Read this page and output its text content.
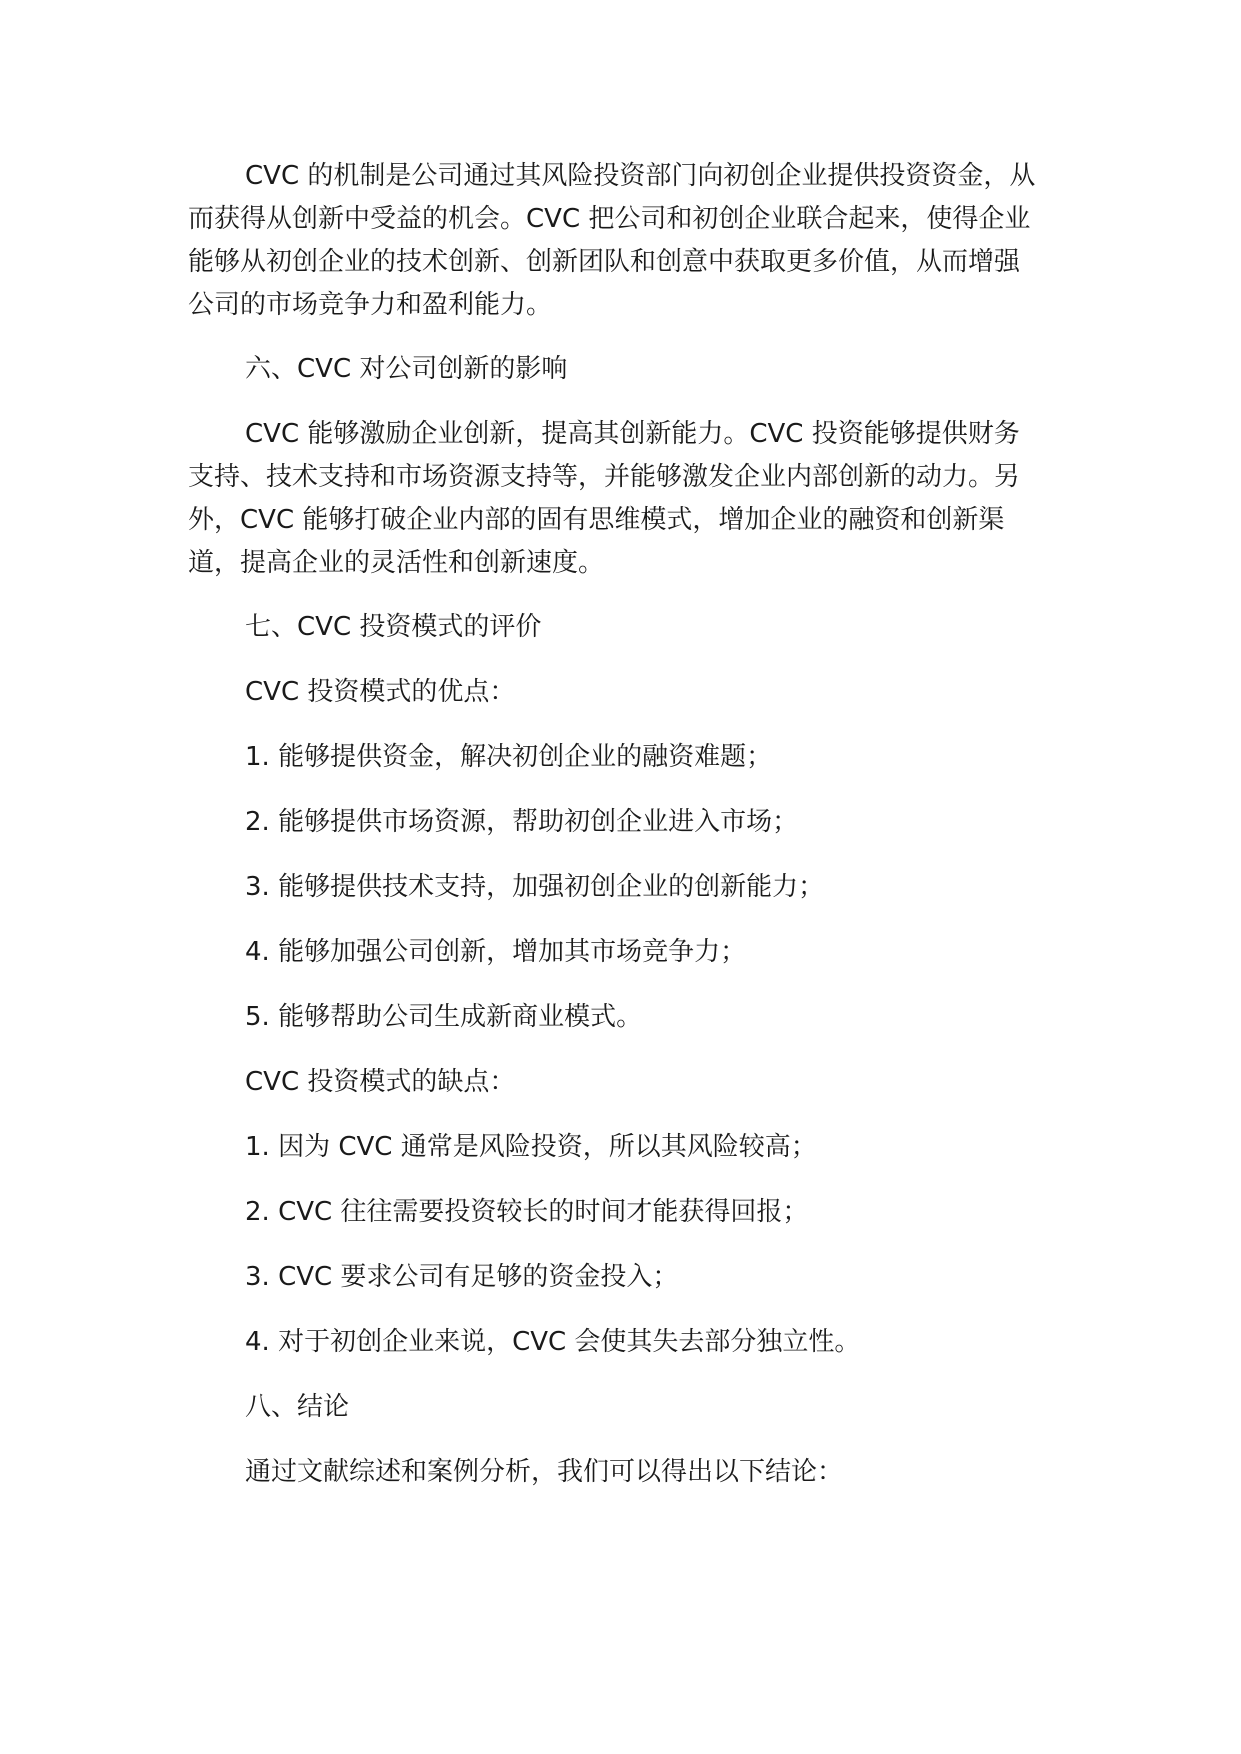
CVC 的机制是公司通过其风险投资部门向初创企业提供投资资金，从而获得从创新中受益的机会。CVC 把公司和初创企业联合起来，使得企业能够从初创企业的技术创新、创新团队和创意中获取更多价值，从而增强公司的市场竞争力和盈利能力。

六、CVC 对公司创新的影响

CVC 能够激励企业创新，提高其创新能力。CVC 投资能够提供财务支持、技术支持和市场资源支持等，并能够激发企业内部创新的动力。另外，CVC 能够打破企业内部的固有思维模式，增加企业的融资和创新渠道，提高企业的灵活性和创新速度。

七、CVC 投资模式的评价

CVC 投资模式的优点：

1. 能够提供资金，解决初创企业的融资难题；

2. 能够提供市场资源，帮助初创企业进入市场；

3. 能够提供技术支持，加强初创企业的创新能力；

4. 能够加强公司创新，增加其市场竞争力；

5. 能够帮助公司生成新商业模式。

CVC 投资模式的缺点：

1. 因为 CVC 通常是风险投资，所以其风险较高；

2. CVC 往往需要投资较长的时间才能获得回报；

3. CVC 要求公司有足够的资金投入；

4. 对于初创企业来说，CVC 会使其失去部分独立性。

八、结论

通过文献综述和案例分析，我们可以得出以下结论：
